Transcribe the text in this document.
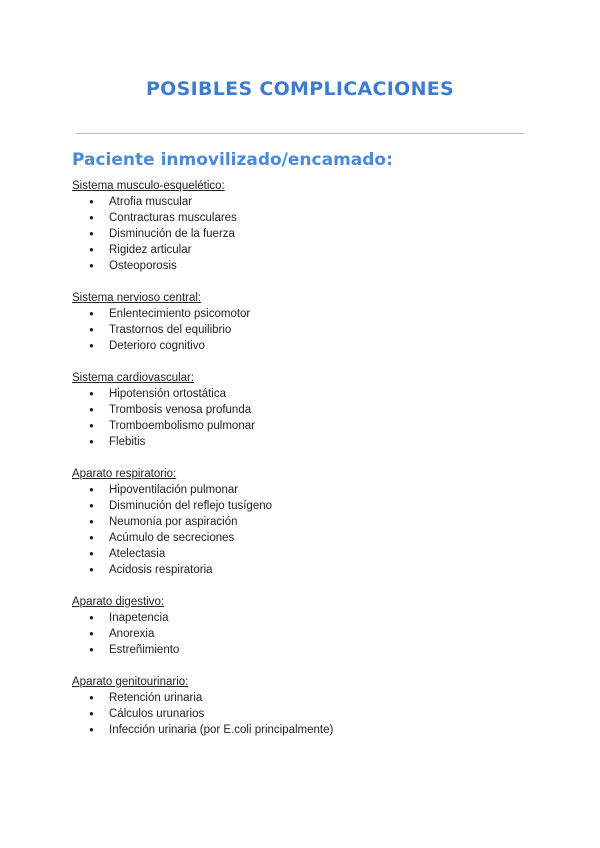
POSIBLES COMPLICACIONES
Paciente inmovilizado/encamado:
Sistema musculo-esquelético:
● Atrofia muscular
● Contracturas musculares
● Disminución de la fuerza
● Rigidez articular
● Osteoporosis
Sistema nervioso central:
● Enlentecimiento psicomotor
● Trastornos del equilibrio
● Deterioro cognitivo
Sistema cardiovascular:
● Hipotensión ortostática
● Trombosis venosa profunda
● Tromboembolismo pulmonar
● Flebitis
Aparato respiratorio:
● Hipoventilación pulmonar
● Disminución del reflejo tusígeno
● Neumonía por aspiración
● Acúmulo de secreciones
● Atelectasia
● Acidosis respiratoria
Aparato digestivo:
● Inapetencia
● Anorexia
● Estreñimiento
Aparato genitourinario:
● Retención urinaria
● Cálculos urunarios
● Infección urinaria (por E.coli principalmente)
